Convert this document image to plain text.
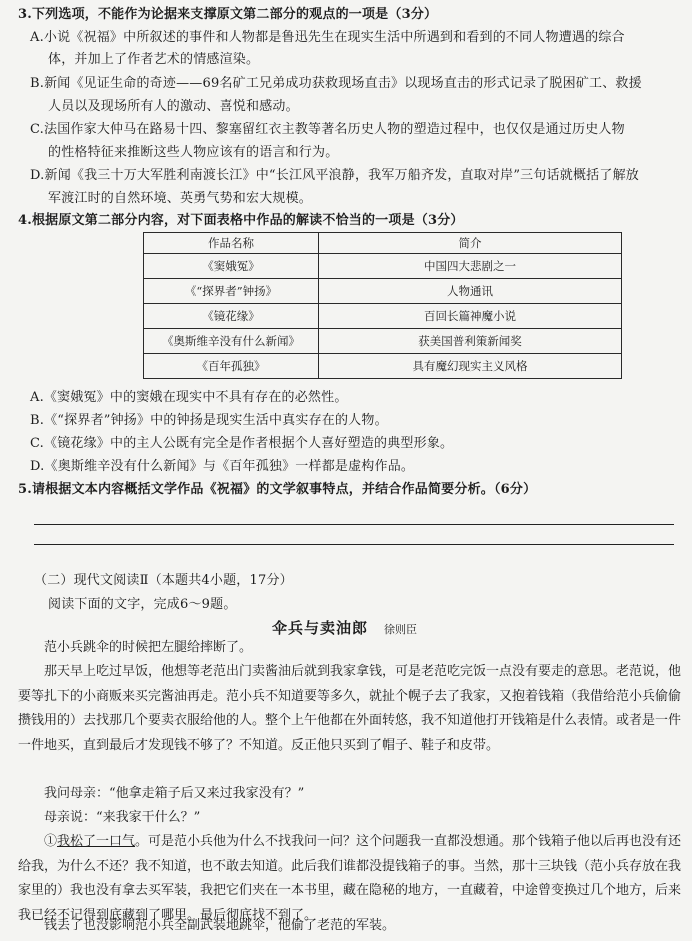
3.下列选项，不能作为论据来支撑原文第二部分的观点的一项是（3分）
A.小说《祝福》中所叙述的事件和人物都是鲁迅先生在现实生活中所遇到和看到的不同人物遭遇的综合
体，并加上了作者艺术的情感渲染。
B.新闻《见证生命的奇迹——69名矿工兄弟成功获救现场直击》以现场直击的形式记录了脱困矿工、救援
人员以及现场所有人的激动、喜悦和感动。
C.法国作家大仲马在路易十四、黎塞留红衣主教等著名历史人物的塑造过程中，也仅仅是通过历史人物
的性格特征来推断这些人物应该有的语言和行为。
D.新闻《我三十万大军胜利南渡长江》中“长江风平浪静，我军万船齐发，直取对岸”三句话就概括了解放
军渡江时的自然环境、英勇气势和宏大规模。
4.根据原文第二部分内容，对下面表格中作品的解读不恰当的一项是（3分）
作品名称	简介
《窦娥冤》	中国四大悲剧之一
《“探界者”钟扬》	人物通讯
《镜花缘》	百回长篇神魔小说
《奥斯维辛没有什么新闻》	获美国普利策新闻奖
《百年孤独》	具有魔幻现实主义风格
A.《窦娥冤》中的窦娥在现实中不具有存在的必然性。
B.《“探界者”钟扬》中的钟扬是现实生活中真实存在的人物。
C.《镜花缘》中的主人公既有完全是作者根据个人喜好塑造的典型形象。
D.《奥斯维辛没有什么新闻》与《百年孤独》一样都是虚构作品。
5.请根据文本内容概括文学作品《祝福》的文学叙事特点，并结合作品简要分析。（6分）
（二）现代文阅读Ⅱ（本题共4小题，17分）
阅读下面的文字，完成6～9题。
伞兵与卖油郎 徐则臣
范小兵跳伞的时候把左腿给摔断了。
那天早上吃过早饭，他想等老范出门卖酱油后就到我家拿钱，可是老范吃完饭一点没有要走的意思。老范说，他要等扎下的小商贩来买完酱油再走。范小兵不知道要等多久，就扯个幌子去了我家，又抱着钱箱（我借给范小兵偷偷攒钱用的）去找那几个要卖衣服给他的人。整个上午他都在外面转悠，我不知道他打开钱箱是什么表情。或者是一件一件地买，直到最后才发现钱不够了？不知道。反正他只买到了帽子、鞋子和皮带。
我问母亲：“他拿走箱子后又来过我家没有？”
母亲说：“来我家干什么？”
①我松了一口气。可是范小兵他为什么不找我问一问？这个问题我一直都没想通。那个钱箱子他以后再也没有还给我，为什么不还？我不知道，也不敢去知道。此后我们谁都没提钱箱子的事。当然，那十三块钱（范小兵存放在我家里的）我也没有拿去买军装，我把它们夹在一本书里，藏在隐秘的地方，一直藏着，中途曾变换过几个地方，后来我已经不记得到底藏到了哪里。最后彻底找不到了。
钱丢了也没影响范小兵全副武装地跳伞，他偷了老范的军装。
